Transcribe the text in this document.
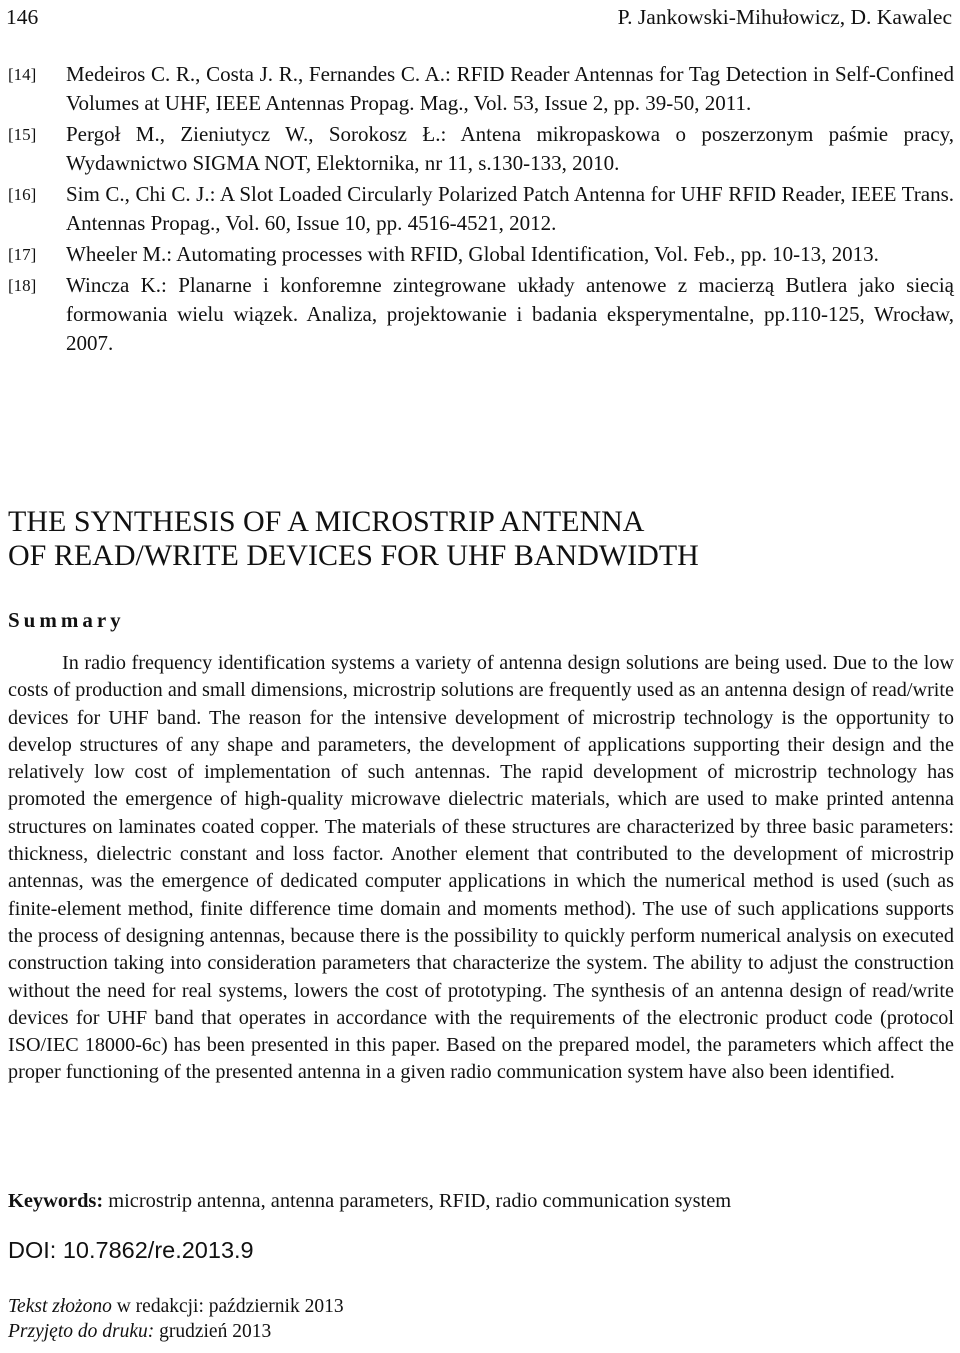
146	P. Jankowski-Mihułowicz, D. Kawalec
[14] Medeiros C. R., Costa J. R., Fernandes C. A.: RFID Reader Antennas for Tag Detection in Self-Confined Volumes at UHF, IEEE Antennas Propag. Mag., Vol. 53, Issue 2, pp. 39-50, 2011.
[15] Pergoł M., Zieniutycz W., Sorokosz Ł.: Antena mikropaskowa o poszerzonym paśmie pracy, Wydawnictwo SIGMA NOT, Elektornika, nr 11, s.130-133, 2010.
[16] Sim C., Chi C. J.: A Slot Loaded Circularly Polarized Patch Antenna for UHF RFID Reader, IEEE Trans. Antennas Propag., Vol. 60, Issue 10, pp. 4516-4521, 2012.
[17] Wheeler M.: Automating processes with RFID, Global Identification, Vol. Feb., pp. 10-13, 2013.
[18] Wincza K.: Planarne i konforemne zintegrowane układy antenowe z macierzą Butlera jako siecią formowania wielu wiązek. Analiza, projektowanie i badania eksperymentalne, pp.110-125, Wrocław, 2007.
THE SYNTHESIS OF A MICROSTRIP ANTENNA
OF READ/WRITE DEVICES FOR UHF BANDWIDTH
Summary

In radio frequency identification systems a variety of antenna design solutions are being used. Due to the low costs of production and small dimensions, microstrip solutions are frequently used as an antenna design of read/write devices for UHF band. The reason for the intensive development of microstrip technology is the opportunity to develop structures of any shape and parameters, the development of applications supporting their design and the relatively low cost of implementation of such antennas. The rapid development of microstrip technology has promoted the emergence of high-quality microwave dielectric materials, which are used to make printed antenna structures on laminates coated copper. The materials of these structures are characterized by three basic parameters: thickness, dielectric constant and loss factor. Another element that contributed to the development of microstrip antennas, was the emergence of dedicated computer applications in which the numerical method is used (such as finite-element method, finite difference time domain and moments method). The use of such applications supports the process of designing antennas, because there is the possibility to quickly perform numerical analysis on executed construction taking into consideration parameters that characterize the system. The ability to adjust the construction without the need for real systems, lowers the cost of prototyping. The synthesis of an antenna design of read/write devices for UHF band that operates in accordance with the requirements of the electronic product code (protocol ISO/IEC 18000-6c) has been presented in this paper. Based on the prepared model, the parameters which affect the proper functioning of the presented antenna in a given radio communication system have also been identified.

Keywords: microstrip antenna, antenna parameters, RFID, radio communication system
DOI: 10.7862/re.2013.9
Tekst złożono w redakcji: październik 2013
Przyjęto do druku: grudzień 2013
